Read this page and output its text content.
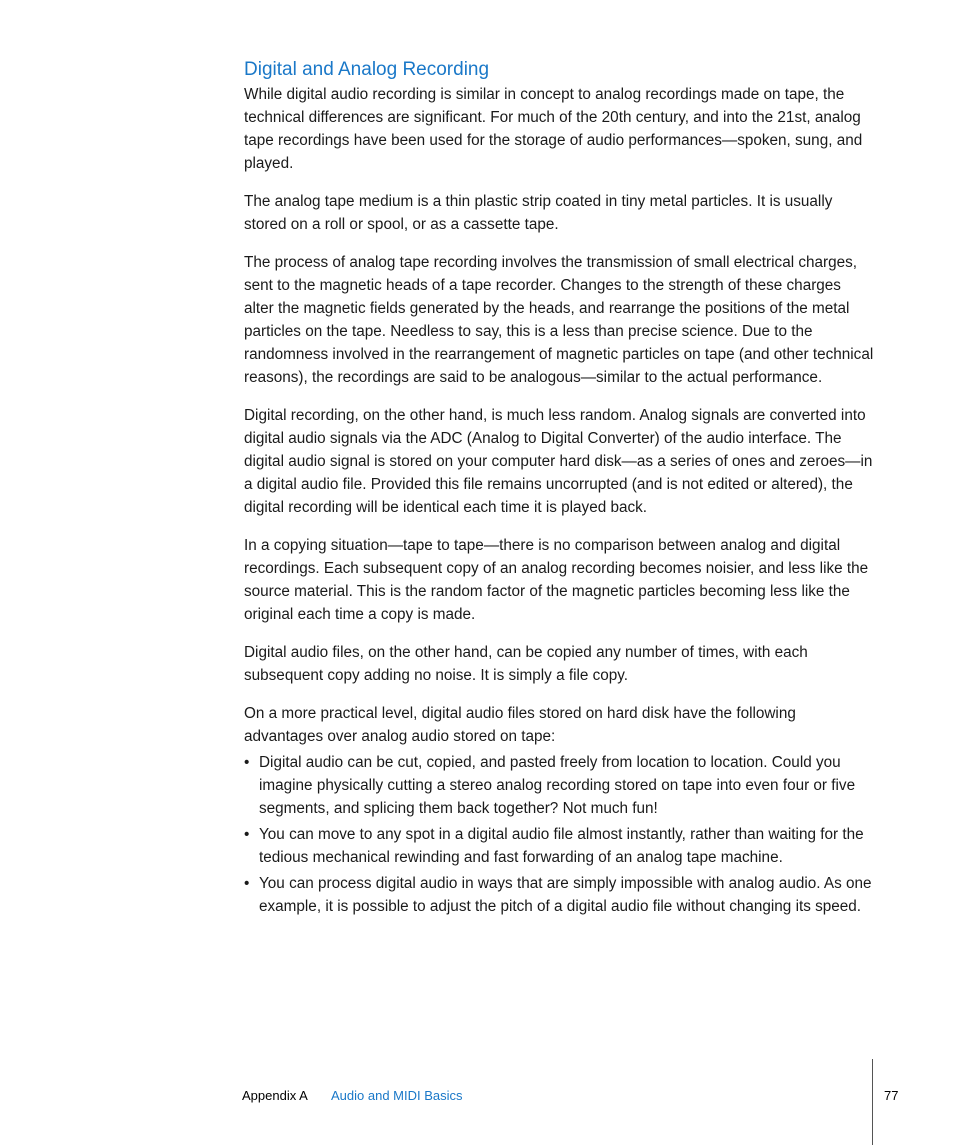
Digital and Analog Recording

While digital audio recording is similar in concept to analog recordings made on tape, the technical differences are significant. For much of the 20th century, and into the 21st, analog tape recordings have been used for the storage of audio performances—spoken, sung, and played.

The analog tape medium is a thin plastic strip coated in tiny metal particles. It is usually stored on a roll or spool, or as a cassette tape.

The process of analog tape recording involves the transmission of small electrical charges, sent to the magnetic heads of a tape recorder. Changes to the strength of these charges alter the magnetic fields generated by the heads, and rearrange the positions of the metal particles on the tape. Needless to say, this is a less than precise science. Due to the randomness involved in the rearrangement of magnetic particles on tape (and other technical reasons), the recordings are said to be analogous—similar to the actual performance.

Digital recording, on the other hand, is much less random. Analog signals are converted into digital audio signals via the ADC (Analog to Digital Converter) of the audio interface. The digital audio signal is stored on your computer hard disk—as a series of ones and zeroes—in a digital audio file. Provided this file remains uncorrupted (and is not edited or altered), the digital recording will be identical each time it is played back.

In a copying situation—tape to tape—there is no comparison between analog and digital recordings. Each subsequent copy of an analog recording becomes noisier, and less like the source material. This is the random factor of the magnetic particles becoming less like the original each time a copy is made.

Digital audio files, on the other hand, can be copied any number of times, with each subsequent copy adding no noise. It is simply a file copy.

On a more practical level, digital audio files stored on hard disk have the following advantages over analog audio stored on tape:

• Digital audio can be cut, copied, and pasted freely from location to location. Could you imagine physically cutting a stereo analog recording stored on tape into even four or five segments, and splicing them back together? Not much fun!
• You can move to any spot in a digital audio file almost instantly, rather than waiting for the tedious mechanical rewinding and fast forwarding of an analog tape machine.
• You can process digital audio in ways that are simply impossible with analog audio. As one example, it is possible to adjust the pitch of a digital audio file without changing its speed.
Appendix A Audio and MIDI Basics	77
